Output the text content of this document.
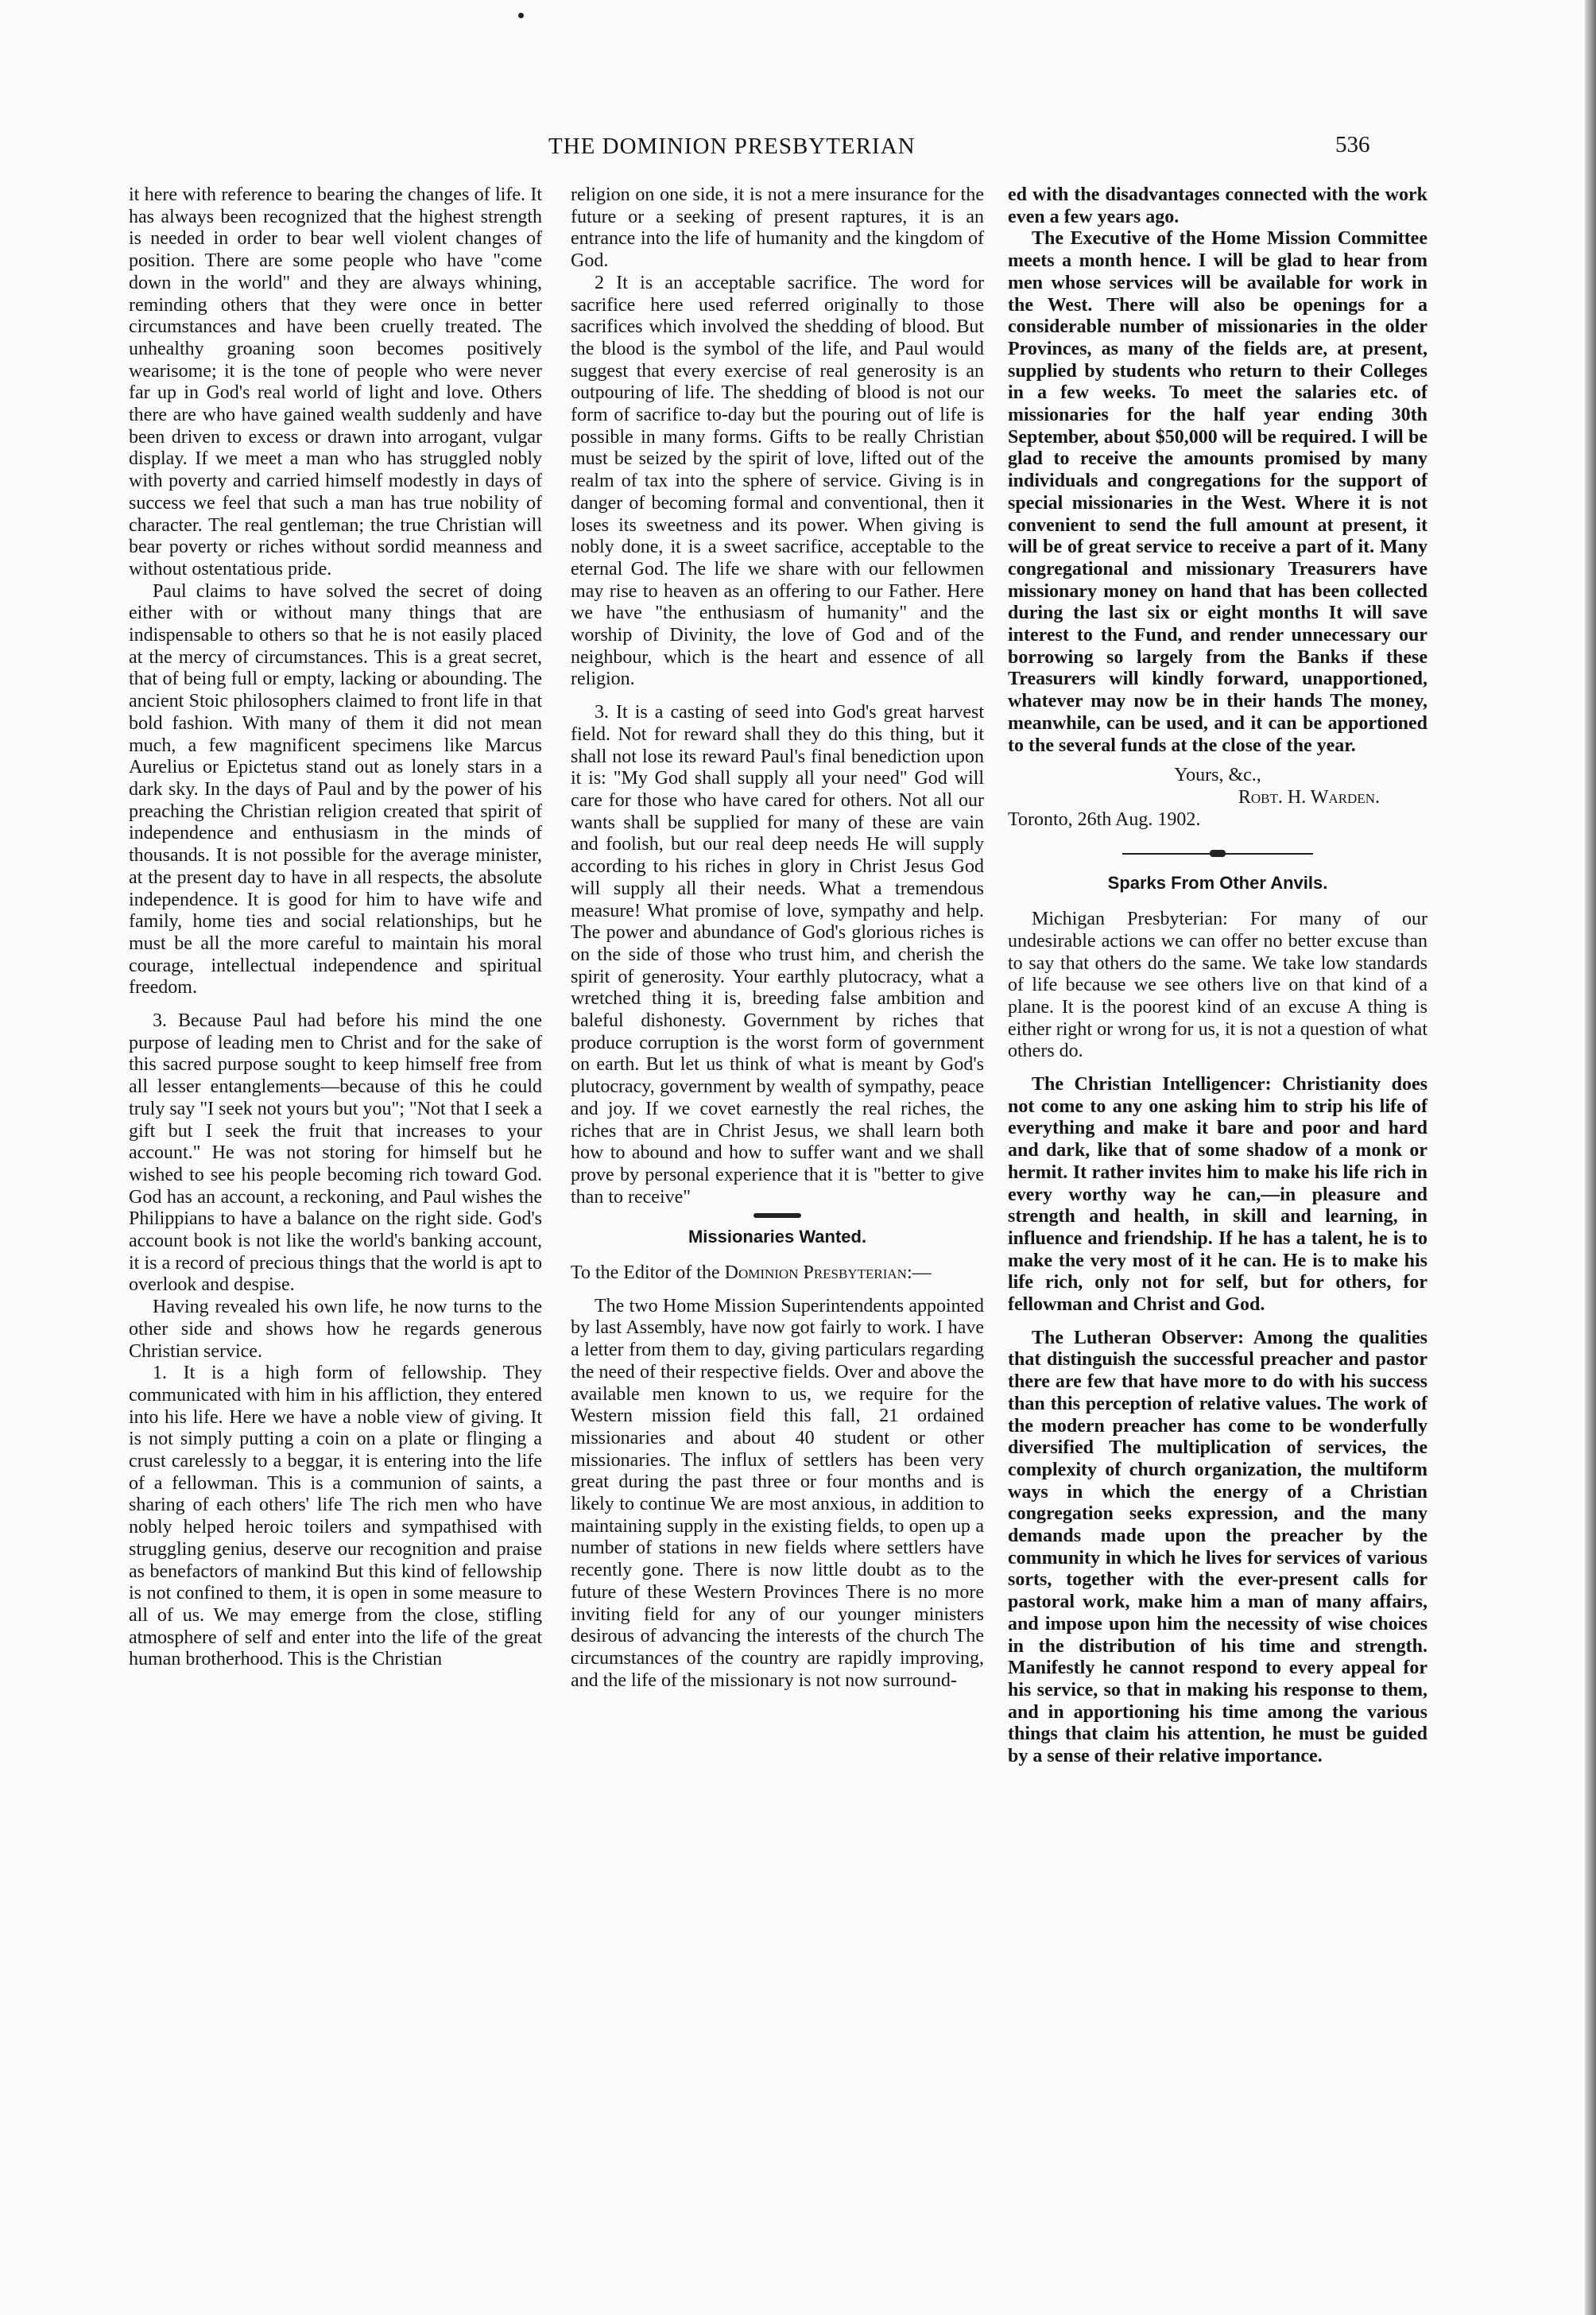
THE DOMINION PRESBYTERIAN	536

it here with reference to bearing the changes of life. It has always been recognized that the highest strength is needed in order to bear well violent changes of position. There are some people who have "come down in the world" and they are always whining, reminding others that they were once in better circumstances and have been cruelly treated. The unhealthy groaning soon becomes positively wearisome; it is the tone of people who were never far up in God's real world of light and love. Others there are who have gained wealth suddenly and have been driven to excess or drawn into arrogant, vulgar display. If we meet a man who has struggled nobly with poverty and carried himself modestly in days of success we feel that such a man has true nobility of character. The real gentleman; the true Christian will bear poverty or riches without sordid meanness and without ostentatious pride.

Paul claims to have solved the secret of doing either with or without many things that are indispensable to others so that he is not easily placed at the mercy of circumstances. This is a great secret, that of being full or empty, lacking or abounding. The ancient Stoic philosophers claimed to front life in that bold fashion. With many of them it did not mean much, a few magnificent specimens like Marcus Aurelius or Epictetus stand out as lonely stars in a dark sky. In the days of Paul and by the power of his preaching the Christian religion created that spirit of independence and enthusiasm in the minds of thousands. It is not possible for the average minister, at the present day to have in all respects, the absolute independence. It is good for him to have wife and family, home ties and social relationships, but he must be all the more careful to maintain his moral courage, intellectual independence and spiritual freedom.

3. Because Paul had before his mind the one purpose of leading men to Christ and for the sake of this sacred purpose sought to keep himself free from all lesser entanglements—because of this he could truly say "I seek not yours but you"; "Not that I seek a gift but I seek the fruit that increases to your account." He was not storing for himself but he wished to see his people becoming rich toward God. God has an account, a reckoning, and Paul wishes the Philippians to have a balance on the right side. God's account book is not like the world's banking account, it is a record of precious things that the world is apt to overlook and despise.

Having revealed his own life, he now turns to the other side and shows how he regards generous Christian service.

1. It is a high form of fellowship. They communicated with him in his affliction, they entered into his life. Here we have a noble view of giving. It is not simply putting a coin on a plate or flinging a crust carelessly to a beggar, it is entering into the life of a fellowman. This is a communion of saints, a sharing of each others' life The rich men who have nobly helped heroic toilers and sympathised with struggling genius, deserve our recognition and praise as benefactors of mankind But this kind of fellowship is not confined to them, it is open in some measure to all of us. We may emerge from the close, stifling atmosphere of self and enter into the life of the great human brotherhood. This is the Christian

religion on one side, it is not a mere insurance for the future or a seeking of present raptures, it is an entrance into the life of humanity and the kingdom of God.

2 It is an acceptable sacrifice. The word for sacrifice here used referred originally to those sacrifices which involved the shedding of blood. But the blood is the symbol of the life, and Paul would suggest that every exercise of real generosity is an outpouring of life. The shedding of blood is not our form of sacrifice to-day but the pouring out of life is possible in many forms. Gifts to be really Christian must be seized by the spirit of love, lifted out of the realm of tax into the sphere of service. Giving is in danger of becoming formal and conventional, then it loses its sweetness and its power. When giving is nobly done, it is a sweet sacrifice, acceptable to the eternal God. The life we share with our fellowmen may rise to heaven as an offering to our Father. Here we have "the enthusiasm of humanity" and the worship of Divinity, the love of God and of the neighbour, which is the heart and essence of all religion.

3. It is a casting of seed into God's great harvest field. Not for reward shall they do this thing, but it shall not lose its reward Paul's final benediction upon it is: "My God shall supply all your need" God will care for those who have cared for others. Not all our wants shall be supplied for many of these are vain and foolish, but our real deep needs He will supply according to his riches in glory in Christ Jesus God will supply all their needs. What a tremendous measure! What promise of love, sympathy and help. The power and abundance of God's glorious riches is on the side of those who trust him, and cherish the spirit of generosity. Your earthly plutocracy, what a wretched thing it is, breeding false ambition and baleful dishonesty. Government by riches that produce corruption is the worst form of government on earth. But let us think of what is meant by God's plutocracy, government by wealth of sympathy, peace and joy. If we covet earnestly the real riches, the riches that are in Christ Jesus, we shall learn both how to abound and how to suffer want and we shall prove by personal experience that it is "better to give than to receive"

Missionaries Wanted.

To the Editor of the Dominion Presbyterian:—

The two Home Mission Superintendents appointed by last Assembly, have now got fairly to work. I have a letter from them to day, giving particulars regarding the need of their respective fields. Over and above the available men known to us, we require for the Western mission field this fall, 21 ordained missionaries and about 40 student or other missionaries. The influx of settlers has been very great during the past three or four months and is likely to continue We are most anxious, in addition to maintaining supply in the existing fields, to open up a number of stations in new fields where settlers have recently gone. There is now little doubt as to the future of these Western Provinces There is no more inviting field for any of our younger ministers desirous of advancing the interests of the church The circumstances of the country are rapidly improving, and the life of the missionary is not now surround-

ed with the disadvantages connected with the work even a few years ago.

The Executive of the Home Mission Committee meets a month hence. I will be glad to hear from men whose services will be available for work in the West. There will also be openings for a considerable number of missionaries in the older Provinces, as many of the fields are, at present, supplied by students who return to their Colleges in a few weeks. To meet the salaries etc. of missionaries for the half year ending 30th September, about $50,000 will be required. I will be glad to receive the amounts promised by many individuals and congregations for the support of special missionaries in the West. Where it is not convenient to send the full amount at present, it will be of great service to receive a part of it. Many congregational and missionary Treasurers have missionary money on hand that has been collected during the last six or eight months It will save interest to the Fund, and render unnecessary our borrowing so largely from the Banks if these Treasurers will kindly forward, unapportioned, whatever may now be in their hands The money, meanwhile, can be used, and it can be apportioned to the several funds at the close of the year.

Yours, &c.,

Robt. H. Warden.

Toronto, 26th Aug. 1902.

Sparks From Other Anvils.

Michigan Presbyterian: For many of our undesirable actions we can offer no better excuse than to say that others do the same. We take low standards of life because we see others live on that kind of a plane. It is the poorest kind of an excuse A thing is either right or wrong for us, it is not a question of what others do.

The Christian Intelligencer: Christianity does not come to any one asking him to strip his life of everything and make it bare and poor and hard and dark, like that of some shadow of a monk or hermit. It rather invites him to make his life rich in every worthy way he can,—in pleasure and strength and health, in skill and learning, in influence and friendship. If he has a talent, he is to make the very most of it he can. He is to make his life rich, only not for self, but for others, for fellowman and Christ and God.

The Lutheran Observer: Among the qualities that distinguish the successful preacher and pastor there are few that have more to do with his success than this perception of relative values. The work of the modern preacher has come to be wonderfully diversified The multiplication of services, the complexity of church organization, the multiform ways in which the energy of a Christian congregation seeks expression, and the many demands made upon the preacher by the community in which he lives for services of various sorts, together with the ever-present calls for pastoral work, make him a man of many affairs, and impose upon him the necessity of wise choices in the distribution of his time and strength. Manifestly he cannot respond to every appeal for his service, so that in making his response to them, and in apportioning his time among the various things that claim his attention, he must be guided by a sense of their relative importance.
